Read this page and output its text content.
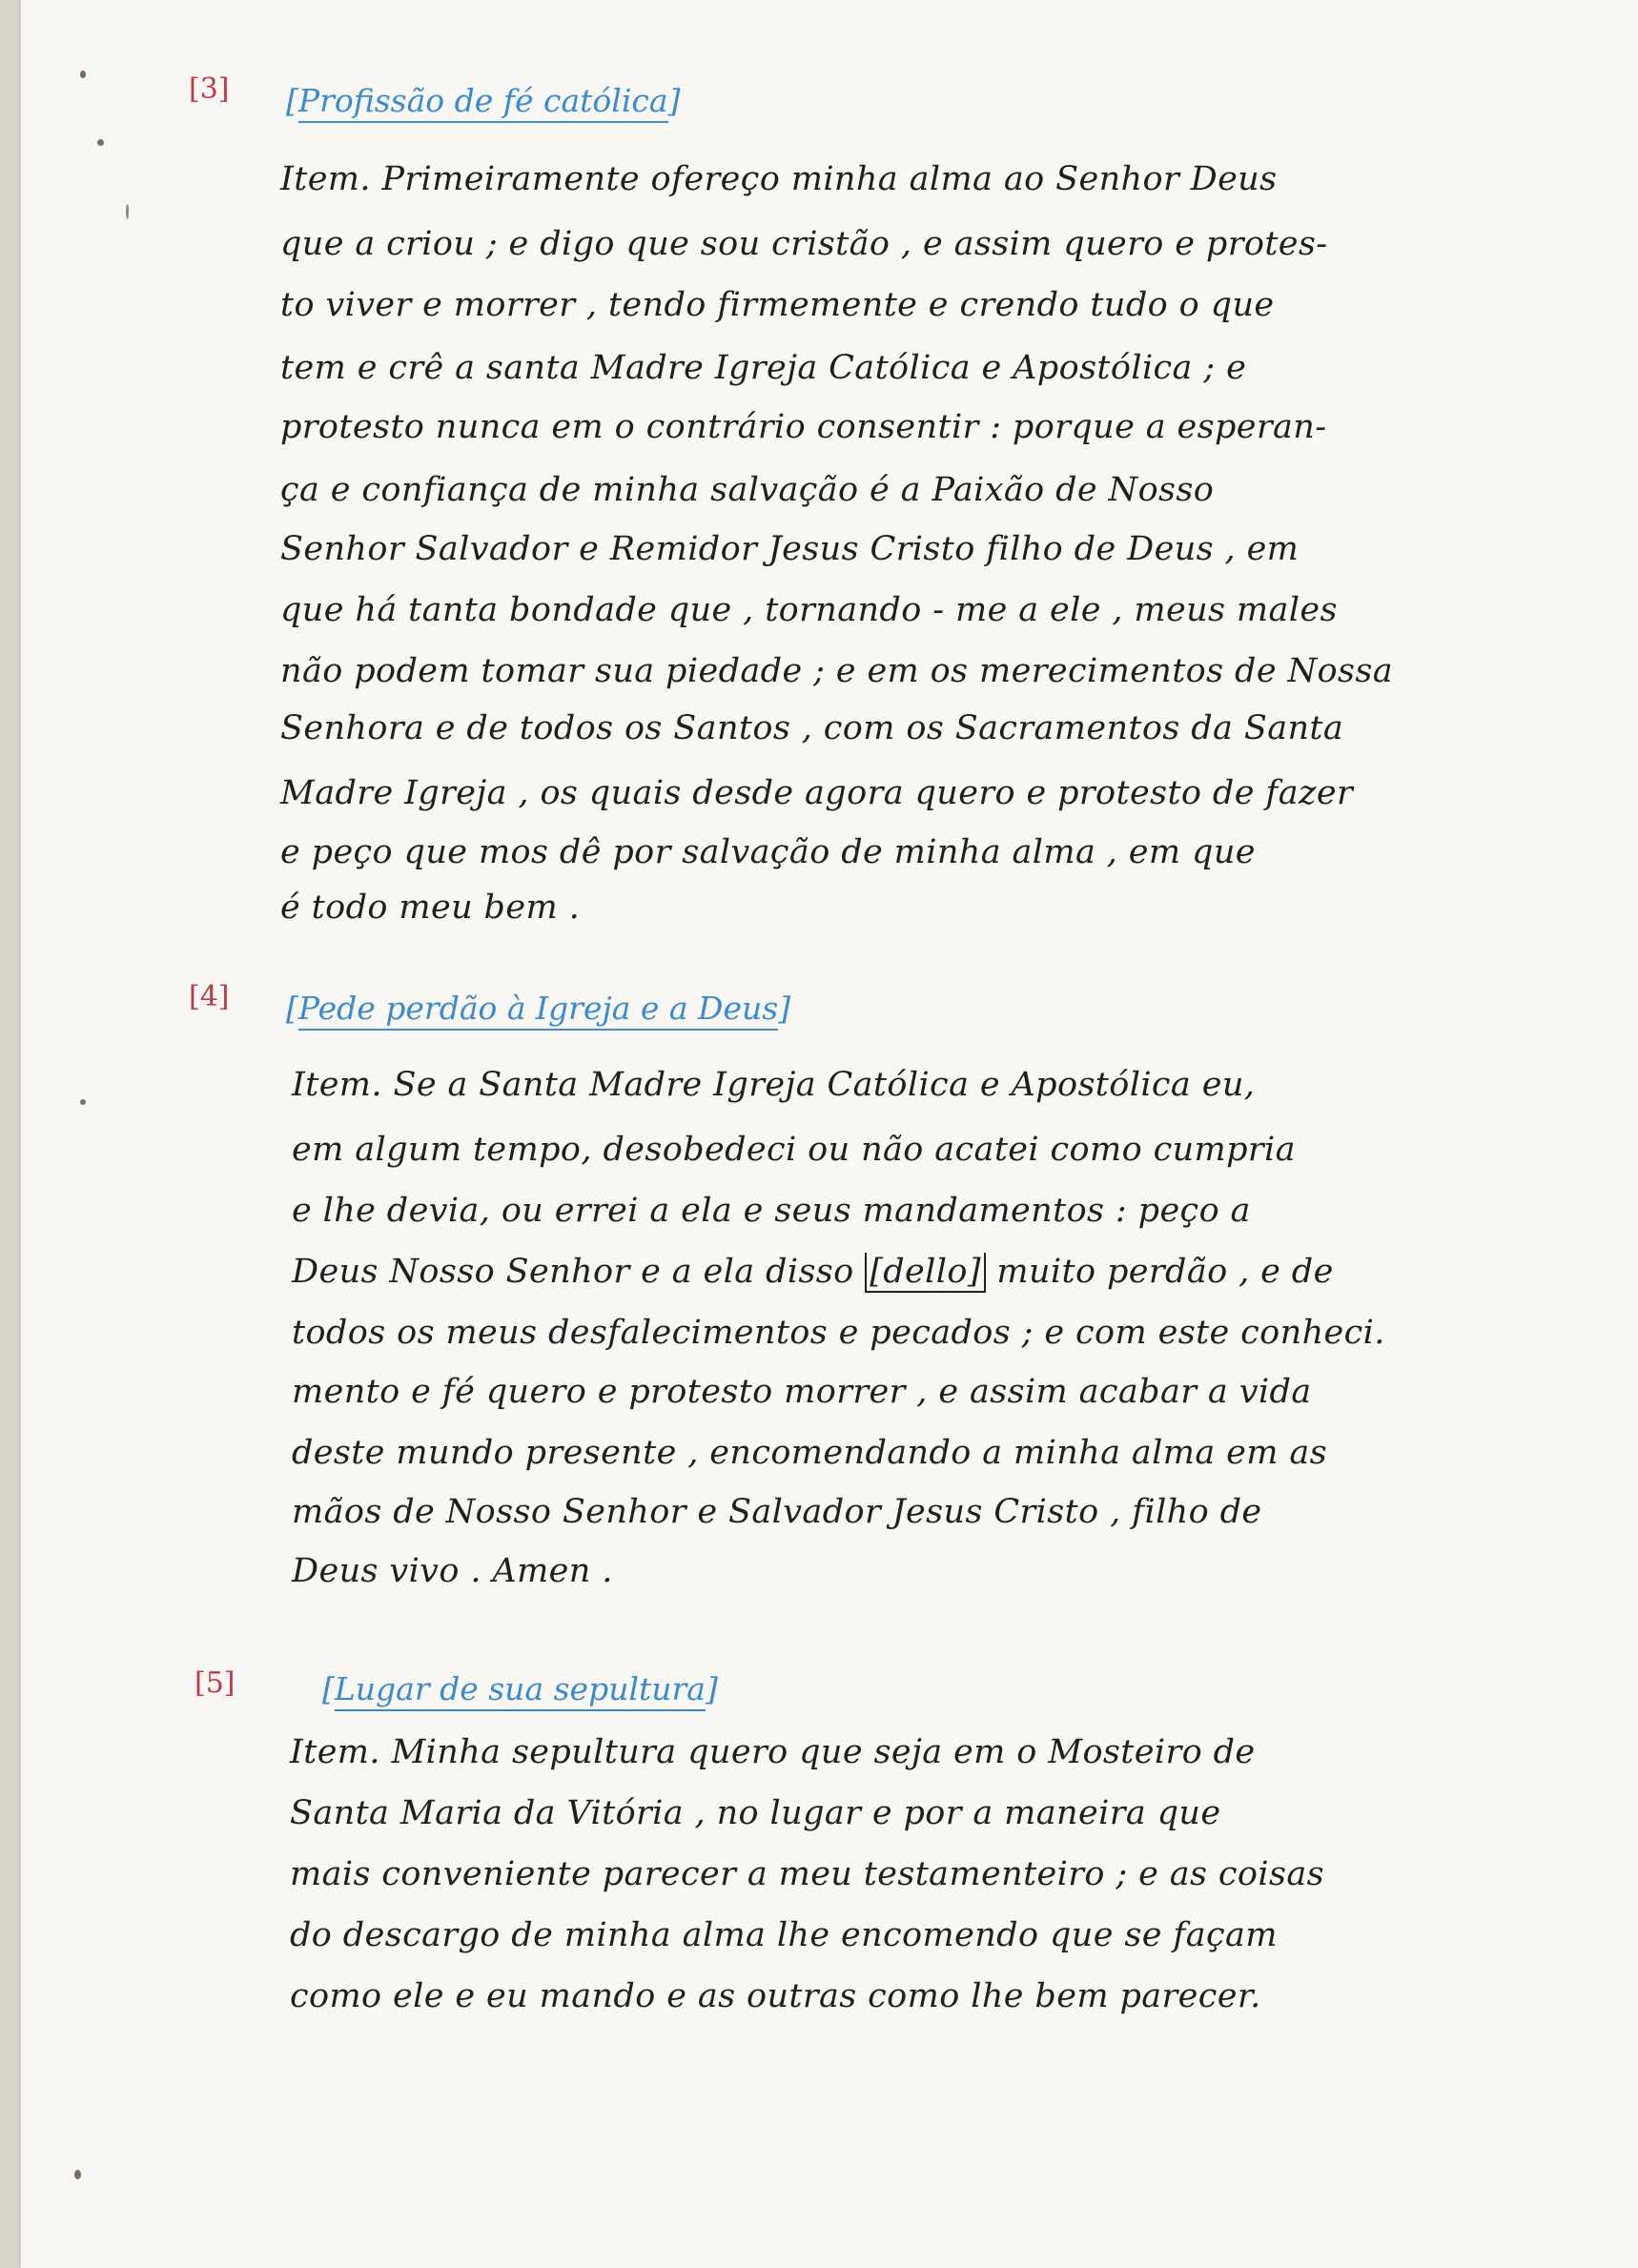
[3] [Profissão de fé católica]
Item. Primeiramente ofereço minha alma ao Senhor Deus
que a criou ; e digo que sou cristão , e assim quero e protes-
to viver e morrer , tendo firmemente e crendo tudo o que
tem e crê a santa Madre Igreja Católica e Apostólica ; e
protesto nunca em o contrário consentir : porque a esperan-
ça e confiança de minha salvação é a Paixão de Nosso
Senhor Salvador e Remidor Jesus Cristo filho de Deus , em
que há tanta bondade que , tornando - me a ele , meus males
não podem tomar sua piedade ; e em os merecimentos de Nossa
Senhora e de todos os Santos , com os Sacramentos da Santa
Madre Igreja , os quais desde agora quero e protesto de fazer
e peço que mos dê por salvação de minha alma , em que
é todo meu bem .
[4] [Pede perdão à Igreja e a Deus]
Item. Se a Santa Madre Igreja Católica e Apostólica eu,
em algum tempo, desobedeci ou não acatei como cumpria
e lhe devia, ou errei a ela e seus mandamentos : peço a
Deus Nosso Senhor e a ela disso [dello] muito perdão , e de
todos os meus desfalecimentos e pecados ; e com este conheci.
mento e fé quero e protesto morrer , e assim acabar a vida
deste mundo presente , encomendando a minha alma em as
mãos de Nosso Senhor e Salvador Jesus Cristo , filho de
Deus vivo . Amen .
[5]	[Lugar de sua sepultura]
Item. Minha sepultura quero que seja em o Mosteiro de
Santa Maria da Vitória , no lugar e por a maneira que
mais conveniente parecer a meu testamenteiro ; e as coisas
do descargo de minha alma lhe encomendo que se façam
como ele e eu mando e as outras como lhe bem parecer.
